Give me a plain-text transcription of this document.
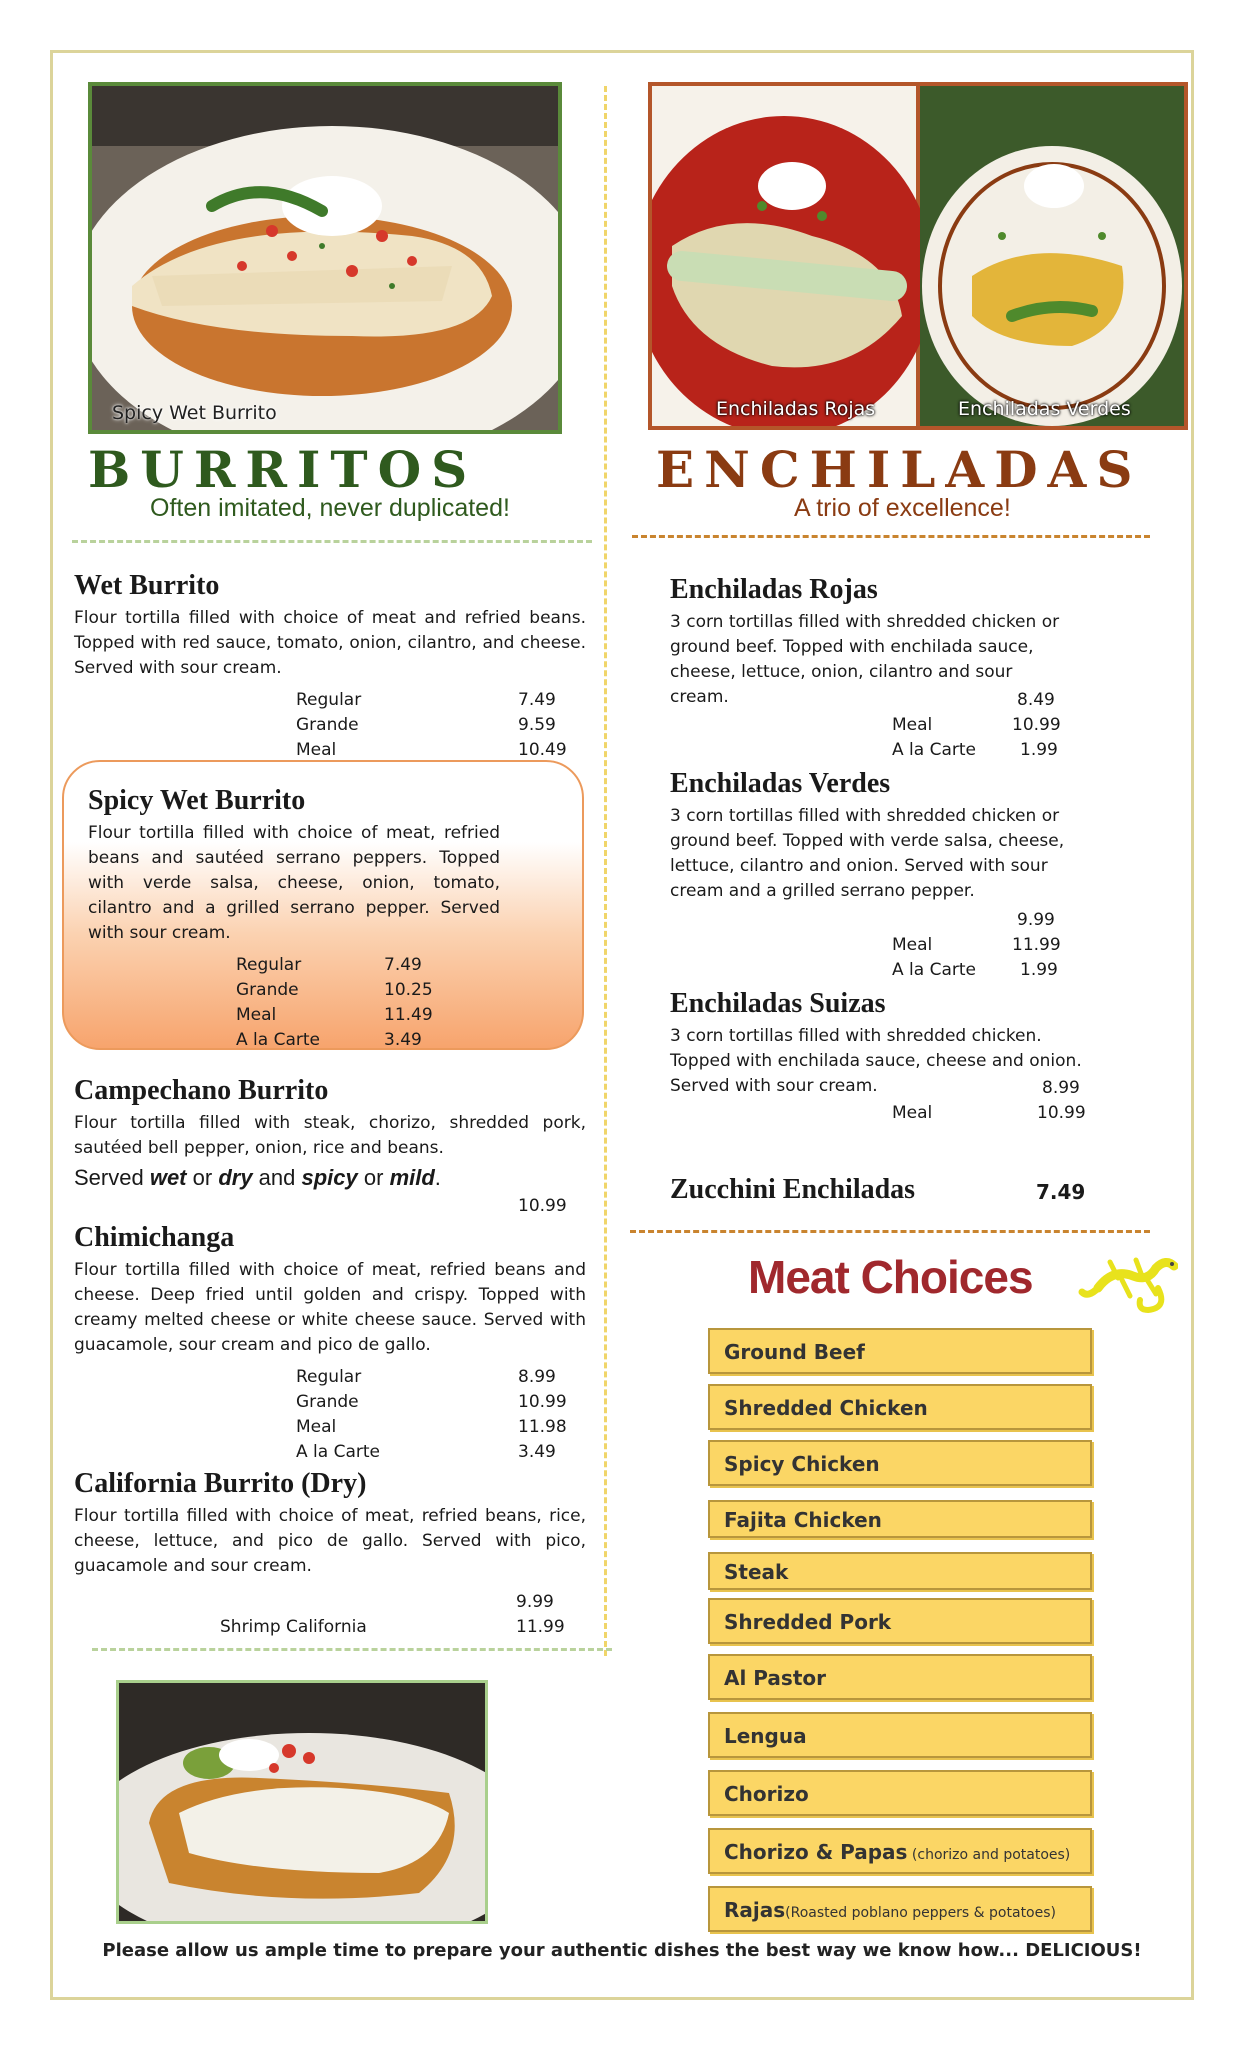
Spicy Wet Burrito
BURRITOS
Often imitated, never duplicated!
Wet Burrito

Flour tortilla filled with choice of meat and refried beans. Topped with red sauce, tomato, onion, cilantro, and cheese. Served with sour cream.

Regular	7.49
Grande	9.59
Meal	10.49
Spicy Wet Burrito

Flour tortilla filled with choice of meat, refried beans and sautéed serrano peppers. Topped with verde salsa, cheese, onion, tomato, cilantro and a grilled serrano pepper. Served with sour cream.

Regular	7.49
Grande	10.25
Meal	11.49
A la Carte	3.49
Campechano Burrito

Flour tortilla filled with steak, chorizo, shredded pork, sautéed bell pepper, onion, rice and beans.

Served wet or dry and spicy or mild.
10.99
Chimichanga

Flour tortilla filled with choice of meat, refried beans and cheese. Deep fried until golden and crispy. Topped with creamy melted cheese or white cheese sauce. Served with guacamole, sour cream and pico de gallo.

Regular	8.99
Grande	10.99
Meal	11.98
A la Carte	3.49
California Burrito (Dry)

Flour tortilla filled with choice of meat, refried beans, rice, cheese, lettuce, and pico de gallo. Served with pico, guacamole and sour cream.

9.99
Shrimp California	11.99
Enchiladas Rojas	Enchiladas Verdes
ENCHILADAS
A trio of excellence!
Enchiladas Rojas

3 corn tortillas filled with shredded chicken or ground beef. Topped with enchilada sauce, cheese, lettuce, onion, cilantro and sour cream.	8.49
Meal	10.99
A la Carte	1.99
Enchiladas Verdes

3 corn tortillas filled with shredded chicken or ground beef. Topped with verde salsa, cheese, lettuce, cilantro and onion. Served with sour cream and a grilled serrano pepper.

9.99
Meal	11.99
A la Carte	1.99
Enchiladas Suizas

3 corn tortillas filled with shredded chicken. Topped with enchilada sauce, cheese and onion. Served with sour cream.	8.99
Meal	10.99
Zucchini Enchiladas	7.49
Meat Choices
Ground Beef
Shredded Chicken
Spicy Chicken
Fajita Chicken
Steak
Shredded Pork
Al Pastor
Lengua
Chorizo
Chorizo & Papas (chorizo and potatoes)
Rajas(Roasted poblano peppers & potatoes)
Please allow us ample time to prepare your authentic dishes the best way we know how... DELICIOUS!
